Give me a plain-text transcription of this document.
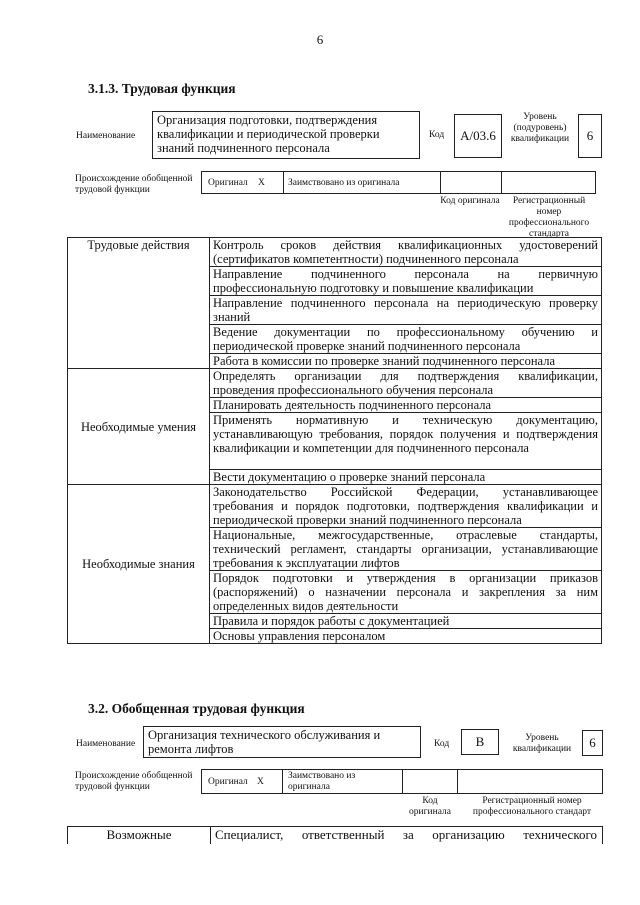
6
3.1.3. Трудовая функция
Наименование
Организация подготовки, подтверждения квалификации и периодической проверки знаний подчиненного персонала
Код	A/03.6
Уровень (подуровень) квалификации	6
Происхождение обобщенной трудовой функции
Оригинал X Заимствовано из оригинала
Код оригинала	Регистрационный номер профессионального стандарта
Трудовые действия	Контроль сроков действия квалификационных удостоверений (сертификатов компетентности) подчиненного персонала
	Направление подчиненного персонала на первичную профессиональную подготовку и повышение квалификации
	Направление подчиненного персонала на периодическую проверку знаний
	Ведение документации по профессиональному обучению и периодической проверке знаний подчиненного персонала
	Работа в комиссии по проверке знаний подчиненного персонала
Необходимые умения	Определять организации для подтверждения квалификации, проведения профессионального обучения персонала
	Планировать деятельность подчиненного персонала
	Применять нормативную и техническую документацию, устанавливающую требования, порядок получения и подтверждения квалификации и компетенции для подчиненного персонала
	Вести документацию о проверке знаний персонала
Необходимые знания	Законодательство Российской Федерации, устанавливающее требования и порядок подготовки, подтверждения квалификации и периодической проверки знаний подчиненного персонала
	Национальные, межгосударственные, отраслевые стандарты, технический регламент, стандарты организации, устанавливающие требования к эксплуатации лифтов
	Порядок подготовки и утверждения в организации приказов (распоряжений) о назначении персонала и закрепления за ним определенных видов деятельности
	Правила и порядок работы с документацией
	Основы управления персоналом
3.2. Обобщенная трудовая функция
Наименование
Организация технического обслуживания и ремонта лифтов	Код	B	Уровень квалификации	6
Происхождение обобщенной трудовой функции	Оригинал X
Заимствовано из оригинала
Код оригинала
Регистрационный номер профессионального стандарт
Возможные	Специалист, ответственный за организацию технического
